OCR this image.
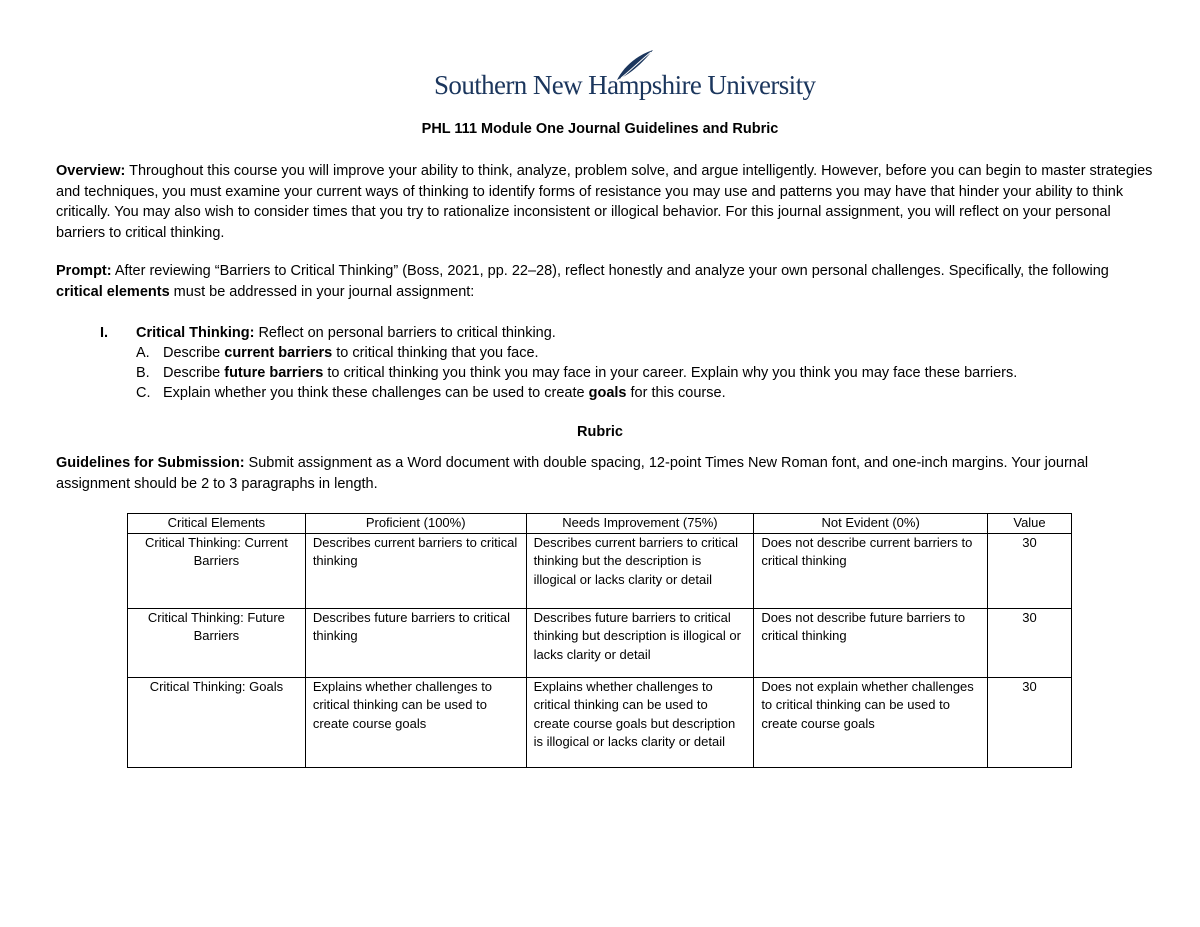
Southern New Hampshire University
PHL 111 Module One Journal Guidelines and Rubric

Overview: Throughout this course you will improve your ability to think, analyze, problem solve, and argue intelligently. However, before you can begin to master strategies and techniques, you must examine your current ways of thinking to identify forms of resistance you may use and patterns you may have that hinder your ability to think critically. You may also wish to consider times that you try to rationalize inconsistent or illogical behavior. For this journal assignment, you will reflect on your personal barriers to critical thinking.

Prompt: After reviewing “Barriers to Critical Thinking” (Boss, 2021, pp. 22–28), reflect honestly and analyze your own personal challenges. Specifically, the following critical elements must be addressed in your journal assignment:

I. Critical Thinking: Reflect on personal barriers to critical thinking.
A. Describe current barriers to critical thinking that you face.
B. Describe future barriers to critical thinking you think you may face in your career. Explain why you think you may face these barriers.
C. Explain whether you think these challenges can be used to create goals for this course.
Rubric

Guidelines for Submission: Submit assignment as a Word document with double spacing, 12-point Times New Roman font, and one-inch margins. Your journal assignment should be 2 to 3 paragraphs in length.

Critical Elements	Proficient (100%)	Needs Improvement (75%)	Not Evident (0%)	Value
Critical Thinking: Current Barriers	Describes current barriers to critical thinking	Describes current barriers to critical thinking but the description is illogical or lacks clarity or detail	Does not describe current barriers to critical thinking	30
Critical Thinking: Future Barriers	Describes future barriers to critical thinking	Describes future barriers to critical thinking but description is illogical or lacks clarity or detail	Does not describe future barriers to critical thinking	30
Critical Thinking: Goals	Explains whether challenges to critical thinking can be used to create course goals	Explains whether challenges to critical thinking can be used to create course goals but description is illogical or lacks clarity or detail	Does not explain whether challenges to critical thinking can be used to create course goals	30
